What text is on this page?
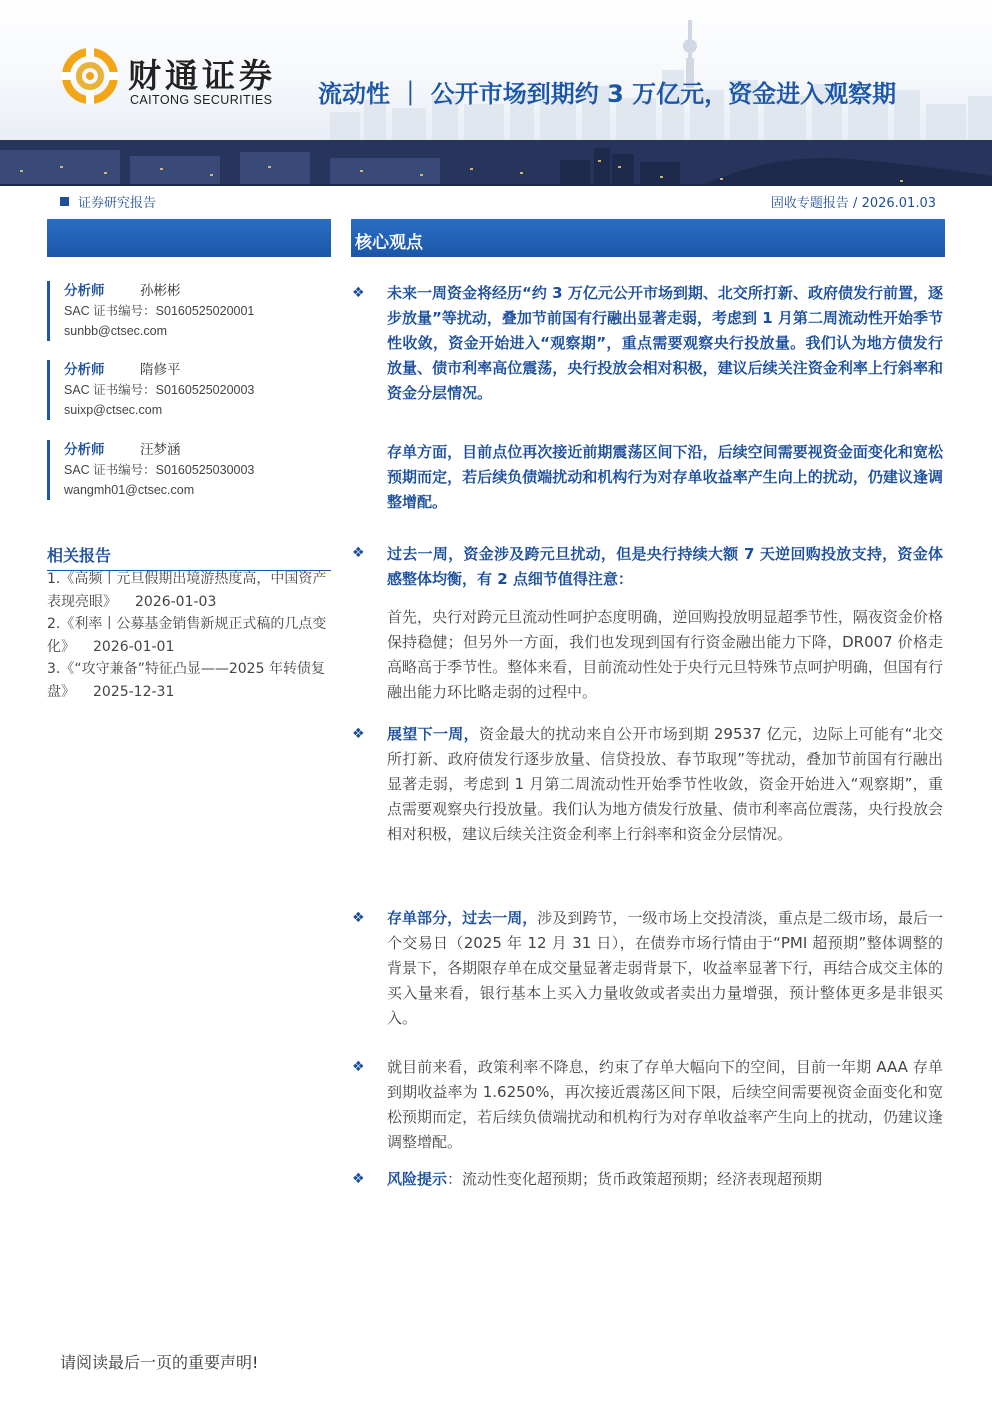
财通证券
CAITONG SECURITIES 流动性 ｜ 公开市场到期约 3 万亿元，资金进入观察期
证券研究报告	固收专题报告 / 2026.01.03
分析师	孙彬彬
SAC 证书编号：S0160525020001
sunbb@ctsec.com
分析师	隋修平
SAC 证书编号：S0160525020003
suixp@ctsec.com
分析师	汪梦涵
SAC 证书编号：S0160525030003
wangmh01@ctsec.com
相关报告
1.《高频丨元旦假期出境游热度高，中国资产表现亮眼》 2026-01-03
2.《利率丨公募基金销售新规正式稿的几点变化》 2026-01-01
3.《“攻守兼备”特征凸显——2025 年转债复盘》 2025-12-31
核心观点
❖ 未来一周资金将经历“约 3 万亿元公开市场到期、北交所打新、政府债发行前置，逐步放量”等扰动，叠加节前国有行融出显著走弱，考虑到 1 月第二周流动性开始季节性收敛，资金开始进入“观察期”，重点需要观察央行投放量。我们认为地方债发行放量、债市利率高位震荡，央行投放会相对积极，建议后续关注资金利率上行斜率和资金分层情况。
存单方面，目前点位再次接近前期震荡区间下沿，后续空间需要视资金面变化和宽松预期而定，若后续负债端扰动和机构行为对存单收益率产生向上的扰动，仍建议逢调整增配。
❖ 过去一周，资金涉及跨元旦扰动，但是央行持续大额 7 天逆回购投放支持，资金体感整体均衡，有 2 点细节值得注意：
首先，央行对跨元旦流动性呵护态度明确，逆回购投放明显超季节性，隔夜资金价格保持稳健；但另外一方面，我们也发现到国有行资金融出能力下降，DR007 价格走高略高于季节性。整体来看，目前流动性处于央行元旦特殊节点呵护明确，但国有行融出能力环比略走弱的过程中。
❖ 展望下一周，资金最大的扰动来自公开市场到期 29537 亿元，边际上可能有“北交所打新、政府债发行逐步放量、信贷投放、春节取现”等扰动，叠加节前国有行融出显著走弱，考虑到 1 月第二周流动性开始季节性收敛，资金开始进入“观察期”，重点需要观察央行投放量。我们认为地方债发行放量、债市利率高位震荡，央行投放会相对积极，建议后续关注资金利率上行斜率和资金分层情况。
❖ 存单部分，过去一周，涉及到跨节，一级市场上交投清淡，重点是二级市场，最后一个交易日（2025 年 12 月 31 日），在债券市场行情由于“PMI 超预期”整体调整的背景下，各期限存单在成交量显著走弱背景下，收益率显著下行，再结合成交主体的买入量来看，银行基本上买入力量收敛或者卖出力量增强，预计整体更多是非银买入。
❖ 就目前来看，政策利率不降息，约束了存单大幅向下的空间，目前一年期 AAA 存单到期收益率为 1.6250%，再次接近震荡区间下限，后续空间需要视资金面变化和宽松预期而定，若后续负债端扰动和机构行为对存单收益率产生向上的扰动，仍建议逢调整增配。
❖ 风险提示：流动性变化超预期；货币政策超预期；经济表现超预期
请阅读最后一页的重要声明!
